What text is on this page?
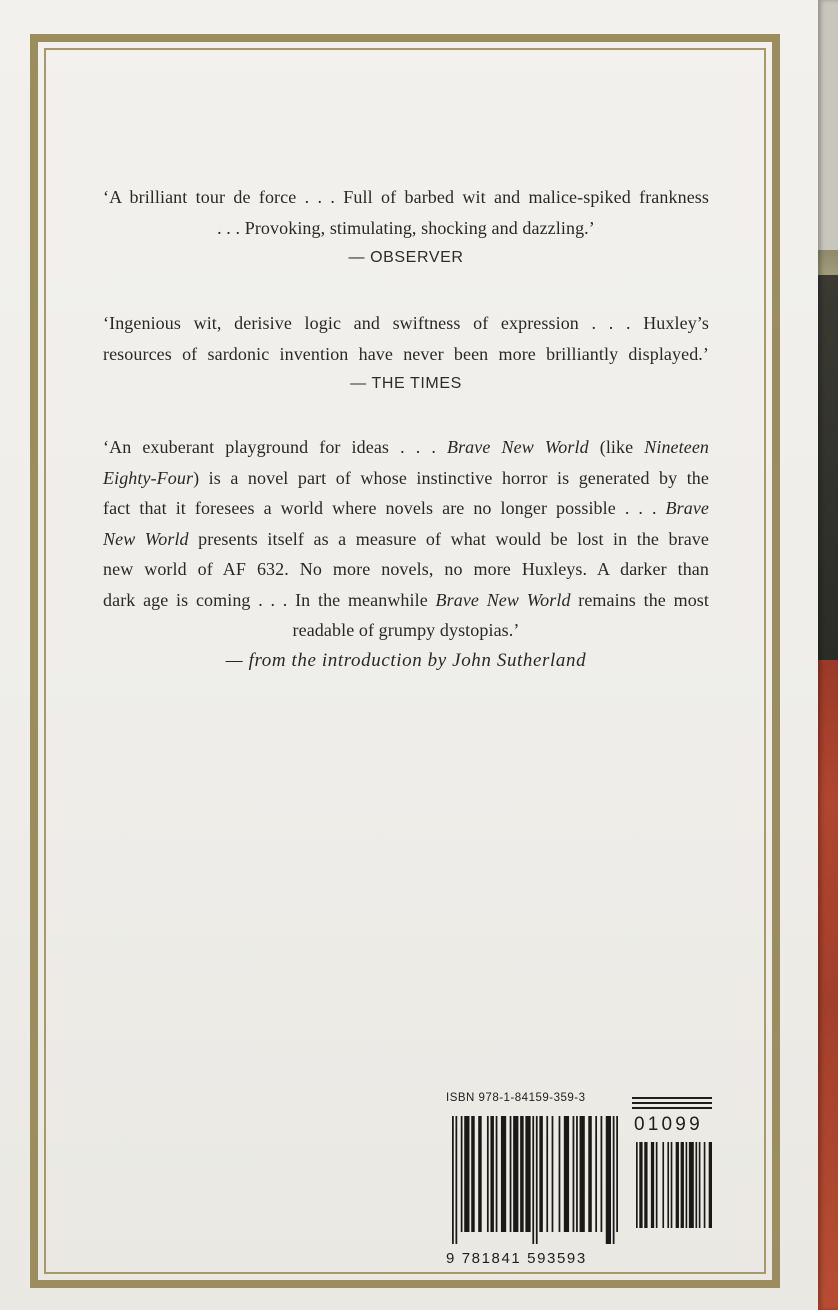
‘A brilliant tour de force . . . Full of barbed wit and malice-spiked frankness
. . . Provoking, stimulating, shocking and dazzling.’
— OBSERVER
‘Ingenious wit, derisive logic and swiftness of expression . . . Huxley’s
resources of sardonic invention have never been more brilliantly displayed.’
— THE TIMES
‘An exuberant playground for ideas . . . Brave New World (like Nineteen
Eighty-Four) is a novel part of whose instinctive horror is generated by the
fact that it foresees a world where novels are no longer possible . . . Brave
New World presents itself as a measure of what would be lost in the brave
new world of AF 632. No more novels, no more Huxleys. A darker than
dark age is coming . . . In the meanwhile Brave New World remains the most
readable of grumpy dystopias.’
— from the introduction by John Sutherland
ISBN 978-1-84159-359-3
9 781841 593593
01099
